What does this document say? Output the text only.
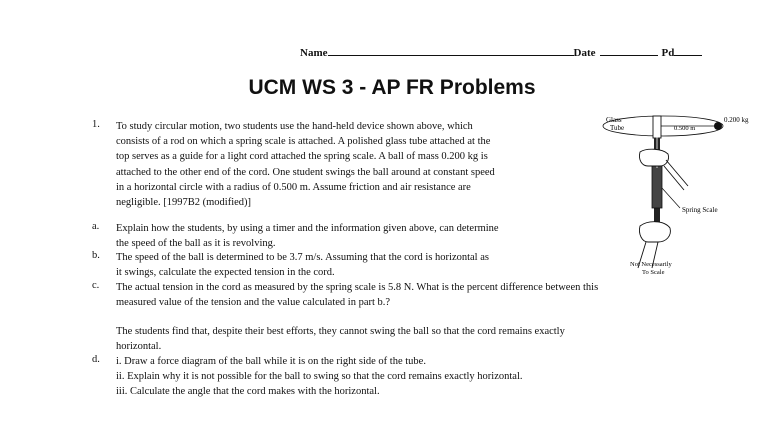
Name	Date	Pd
UCM WS 3 - AP FR Problems
1. To study circular motion, two students use the hand-held device shown above, which

consists of a rod on which a spring scale is attached. A polished glass tube attached at the

top serves as a guide for a light cord attached the spring scale. A ball of mass 0.200 kg is

attached to the other end of the cord. One student swings the ball around at constant speed

in a horizontal circle with a radius of 0.500 m. Assume friction and air resistance are

negligible. [1997B2 (modified)]

a.	Explain how the students, by using a timer and the information given above, can determine
the speed of the ball as it is revolving.
b.	The speed of the ball is determined to be 3.7 m/s. Assuming that the cord is horizontal as
it swings, calculate the expected tension in the cord.
c.	The actual tension in the cord as measured by the spring scale is 5.8 N. What is the percent difference between this
measured value of the tension and the value calculated in part b.?
The students find that, despite their best efforts, they cannot swing the ball so that the cord remains exactly
horizontal.
d.	i. Draw a force diagram of the ball while it is on the right side of the tube.
ii. Explain why it is not possible for the ball to swing so that the cord remains exactly horizontal.
iii. Calculate the angle that the cord makes with the horizontal.
Glass
Tube	0.500 m
0.200 kg
Spring Scale
Not Necessarily
To Scale
